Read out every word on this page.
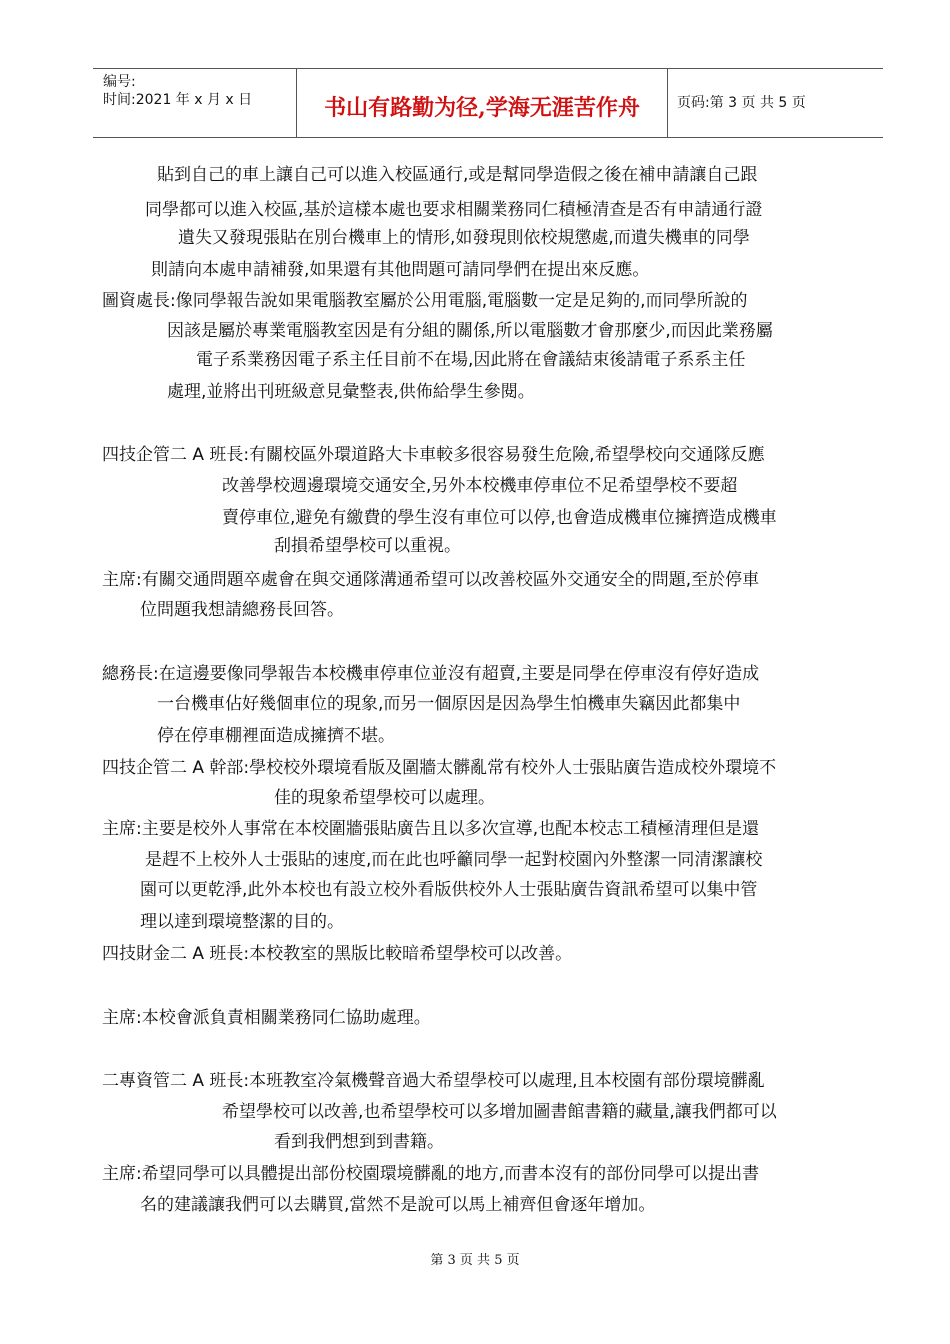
编号:
时间:2021 年 x 月 x 日	书山有路勤为径,学海无涯苦作舟	页码:第 3 页 共 5 页
貼到自己的車上讓自己可以進入校區通行,或是幫同學造假之後在補申請讓自己跟
同學都可以進入校區,基於這樣本處也要求相關業務同仁積極清查是否有申請通行證
遺失又發現張貼在別台機車上的情形,如發現則依校規懲處,而遺失機車的同學
則請向本處申請補發,如果還有其他問題可請同學們在提出來反應。
圖資處長:像同學報告說如果電腦教室屬於公用電腦,電腦數一定是足夠的,而同學所說的
因該是屬於專業電腦教室因是有分組的關係,所以電腦數才會那麼少,而因此業務屬
電子系業務因電子系主任目前不在場,因此將在會議結束後請電子系系主任
處理,並將出刊班級意見彙整表,供佈給學生參閱。
四技企管二 A 班長:有關校區外環道路大卡車較多很容易發生危險,希望學校向交通隊反應
改善學校週邊環境交通安全,另外本校機車停車位不足希望學校不要超
賣停車位,避免有繳費的學生沒有車位可以停,也會造成機車位擁擠造成機車
刮損希望學校可以重視。
主席:有關交通問題卒處會在與交通隊溝通希望可以改善校區外交通安全的問題,至於停車
位問題我想請總務長回答。
總務長:在這邊要像同學報告本校機車停車位並沒有超賣,主要是同學在停車沒有停好造成
一台機車佔好幾個車位的現象,而另一個原因是因為學生怕機車失竊因此都集中
停在停車棚裡面造成擁擠不堪。
四技企管二 A 幹部:學校校外環境看版及圍牆太髒亂常有校外人士張貼廣告造成校外環境不
佳的現象希望學校可以處理。
主席:主要是校外人事常在本校圍牆張貼廣告且以多次宣導,也配本校志工積極清理但是還
是趕不上校外人士張貼的速度,而在此也呼籲同學一起對校園內外整潔一同清潔讓校
園可以更乾淨,此外本校也有設立校外看版供校外人士張貼廣告資訊希望可以集中管
理以達到環境整潔的目的。
四技財金二 A 班長:本校教室的黑版比較暗希望學校可以改善。
主席:本校會派負責相關業務同仁協助處理。
二專資管二 A 班長:本班教室冷氣機聲音過大希望學校可以處理,且本校園有部份環境髒亂
希望學校可以改善,也希望學校可以多增加圖書館書籍的藏量,讓我們都可以
看到我們想到到書籍。
主席:希望同學可以具體提出部份校園環境髒亂的地方,而書本沒有的部份同學可以提出書
名的建議讓我們可以去購買,當然不是說可以馬上補齊但會逐年增加。
第 3 页 共 5 页
